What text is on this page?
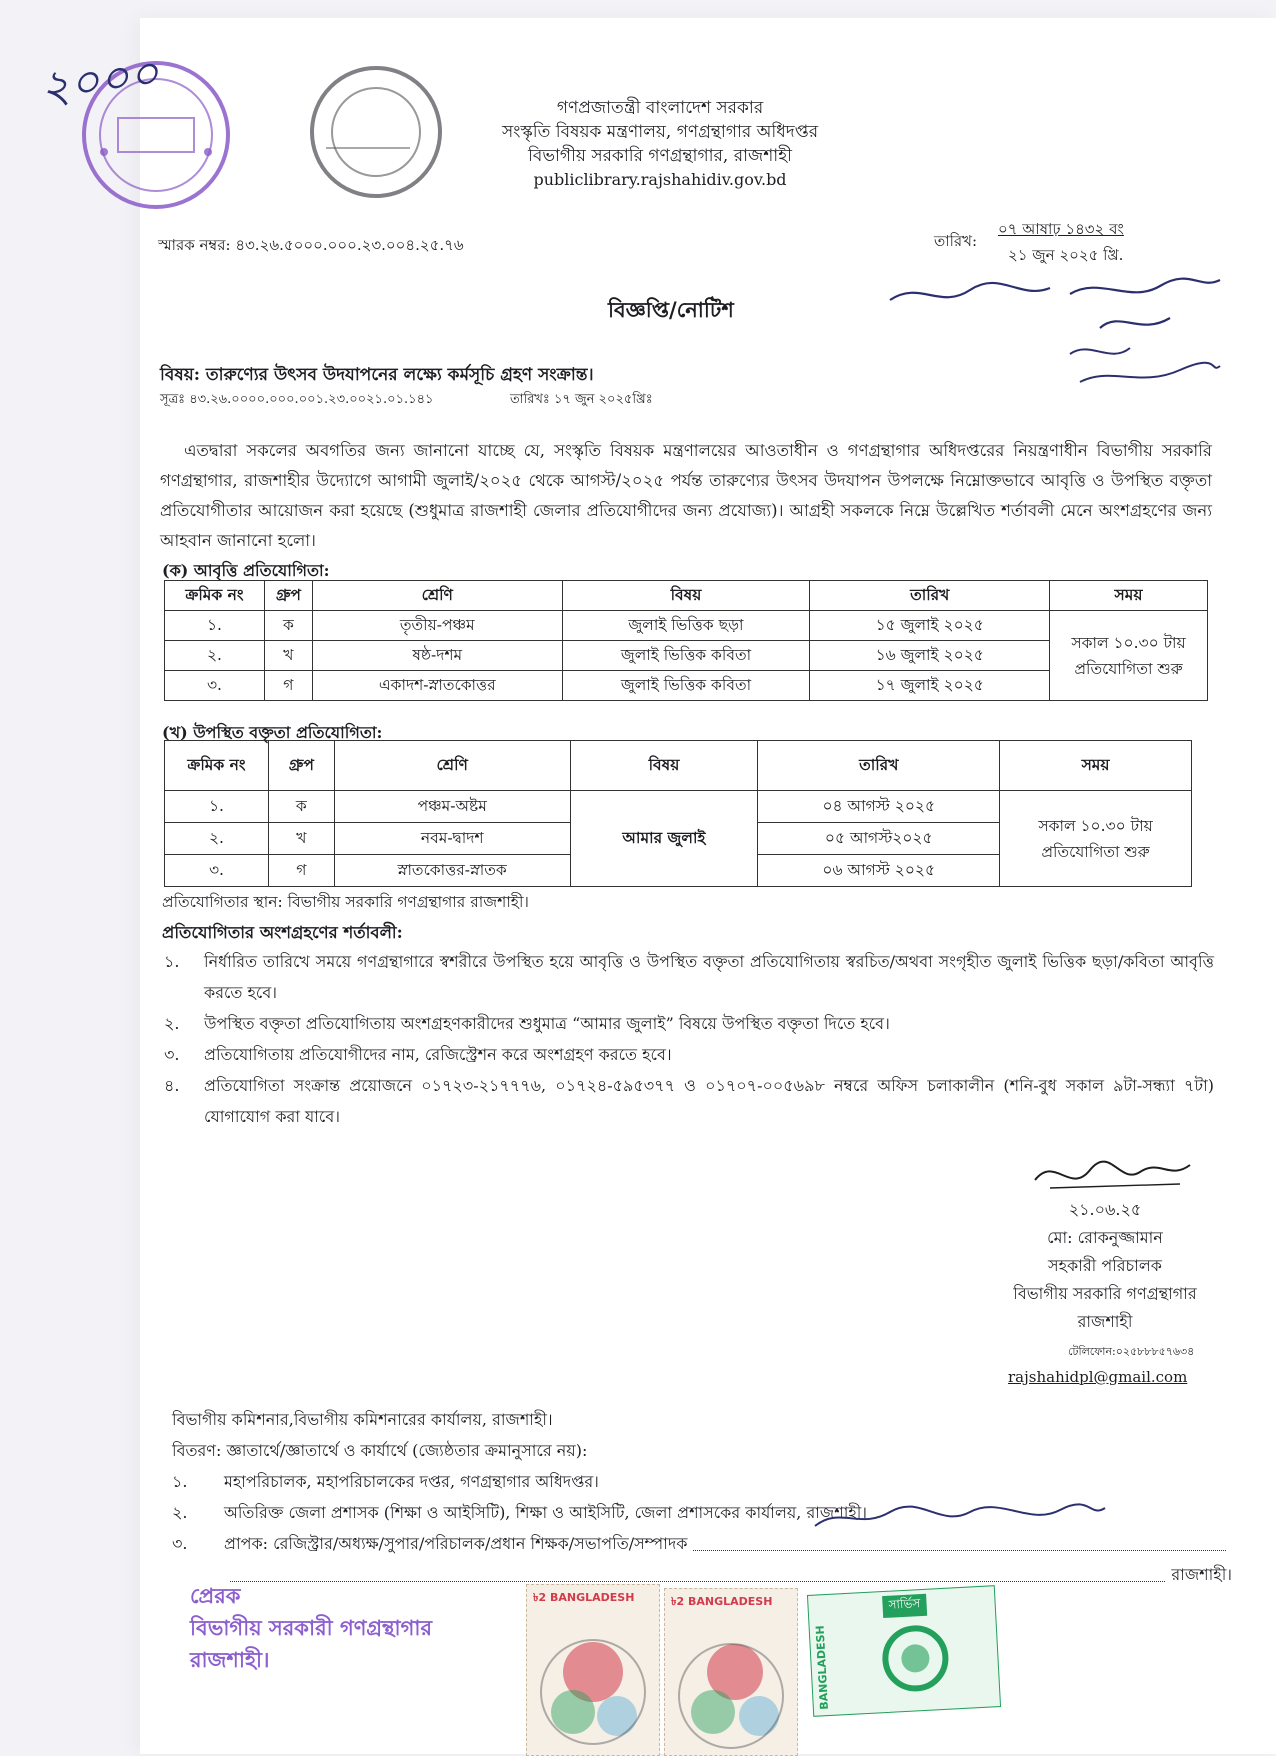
২০০০	গণপ্রজাতন্ত্রী বাংলাদেশ সরকার
সংস্কৃতি বিষয়ক মন্ত্রণালয়, গণগ্রন্থাগার অধিদপ্তর
বিভাগীয় সরকারি গণগ্রন্থাগার, রাজশাহী
publiclibrary.rajshahidiv.gov.bd
স্মারক নম্বর: ৪৩.২৬.৫০০০.০০০.২৩.০০৪.২৫.৭৬	তারিখ:
০৭ আষাঢ় ১৪৩২ বং
২১ জুন ২০২৫ খ্রি.
বিজ্ঞপ্তি/নোটিশ
বিষয়: তারুণ্যের উৎসব উদযাপনের লক্ষ্যে কর্মসূচি গ্রহণ সংক্রান্ত।
সূত্রঃ ৪৩.২৬.০০০০.০০০.০০১.২৩.০০২১.০১.১৪১	তারিখঃ ১৭ জুন ২০২৫খ্রিঃ
এতদ্বারা সকলের অবগতির জন্য জানানো যাচ্ছে যে, সংস্কৃতি বিষয়ক মন্ত্রণালয়ের আওতাধীন ও গণগ্রন্থাগার অধিদপ্তরের নিয়ন্ত্রণাধীন বিভাগীয় সরকারি গণগ্রন্থাগার, রাজশাহীর উদ্যোগে আগামী জুলাই/২০২৫ থেকে আগস্ট/২০২৫ পর্যন্ত তারুণ্যের উৎসব উদযাপন উপলক্ষে নিম্নোক্তভাবে আবৃত্তি ও উপস্থিত বক্তৃতা প্রতিযোগীতার আয়োজন করা হয়েছে (শুধুমাত্র রাজশাহী জেলার প্রতিযোগীদের জন্য প্রযোজ্য)। আগ্রহী সকলকে নিম্নে উল্লেখিত শর্তাবলী মেনে অংশগ্রহণের জন্য আহবান জানানো হলো।
(ক) আবৃত্তি প্রতিযোগিতা:
ক্রমিক নং	গ্রুপ	শ্রেণি	বিষয়	তারিখ	সময়
১.	ক	তৃতীয়-পঞ্চম	জুলাই ভিত্তিক ছড়া	১৫ জুলাই ২০২৫	সকাল ১০.৩০ টায়
প্রতিযোগিতা শুরু

২.	খ	ষষ্ঠ-দশম	জুলাই ভিত্তিক কবিতা	১৬ জুলাই ২০২৫	
৩.	গ	একাদশ-স্নাতকোত্তর	জুলাই ভিত্তিক কবিতা	১৭ জুলাই ২০২৫	
(খ) উপস্থিত বক্তৃতা প্রতিযোগিতা:
ক্রমিক নং	গ্রুপ	শ্রেণি	বিষয়	তারিখ	সময়
১.	ক	পঞ্চম-অষ্টম	আমার জুলাই	০৪ আগস্ট ২০২৫	সকাল ১০.৩০ টায়
প্রতিযোগিতা শুরু

২.	খ	নবম-দ্বাদশ		০৫ আগস্ট২০২৫	
৩.	গ	স্নাতকোত্তর-স্নাতক		০৬ আগস্ট ২০২৫	
প্রতিযোগিতার স্থান: বিভাগীয় সরকারি গণগ্রন্থাগার রাজশাহী।
প্রতিযোগিতার অংশগ্রহণের শর্তাবলী:
১.	নির্ধারিত তারিখে সময়ে গণগ্রন্থাগারে স্বশরীরে উপস্থিত হয়ে আবৃত্তি ও উপস্থিত বক্তৃতা প্রতিযোগিতায় স্বরচিত/অথবা সংগৃহীত জুলাই ভিত্তিক ছড়া/কবিতা আবৃত্তি করতে হবে।
২.	উপস্থিত বক্তৃতা প্রতিযোগিতায় অংশগ্রহণকারীদের শুধুমাত্র “আমার জুলাই” বিষয়ে উপস্থিত বক্তৃতা দিতে হবে।
৩.	প্রতিযোগিতায় প্রতিযোগীদের নাম, রেজিস্ট্রেশন করে অংশগ্রহণ করতে হবে।
৪.	প্রতিযোগিতা সংক্রান্ত প্রয়োজনে ০১৭২৩-২১৭৭৭৬, ০১৭২৪-৫৯৫৩৭৭ ও ০১৭০৭-০০৫৬৯৮ নম্বরে অফিস চলাকালীন (শনি-বুধ সকাল ৯টা-সন্ধ্যা ৭টা) যোগাযোগ করা যাবে।
২১.০৬.২৫
মো: রোকনুজ্জামান
সহকারী পরিচালক
বিভাগীয় সরকারি গণগ্রন্থাগার
রাজশাহী
টেলিফোন:০২৫৮৮৮৫৭৬৩৪
rajshahidpl@gmail.com
বিভাগীয় কমিশনার,বিভাগীয় কমিশনারের কার্যালয়, রাজশাহী।
বিতরণ: জ্ঞাতার্থে/জ্ঞাতার্থে ও কার্যার্থে (জ্যেষ্ঠতার ক্রমানুসারে নয়):
১.	মহাপরিচালক, মহাপরিচালকের দপ্তর, গণগ্রন্থাগার অধিদপ্তর।
২.	অতিরিক্ত জেলা প্রশাসক (শিক্ষা ও আইসিটি), শিক্ষা ও আইসিটি, জেলা প্রশাসকের কার্যালয়, রাজশাহী।
৩.	প্রাপক: রেজিস্ট্রার/অধ্যক্ষ/সুপার/পরিচালক/প্রধান শিক্ষক/সভাপতি/সম্পাদক
রাজশাহী।
প্রেরক
বিভাগীয় সরকারী গণগ্রন্থাগার
রাজশাহী।
৳2 BANGLADESH	৳2 BANGLADESH
BANGLADESH
সার্ভিস
